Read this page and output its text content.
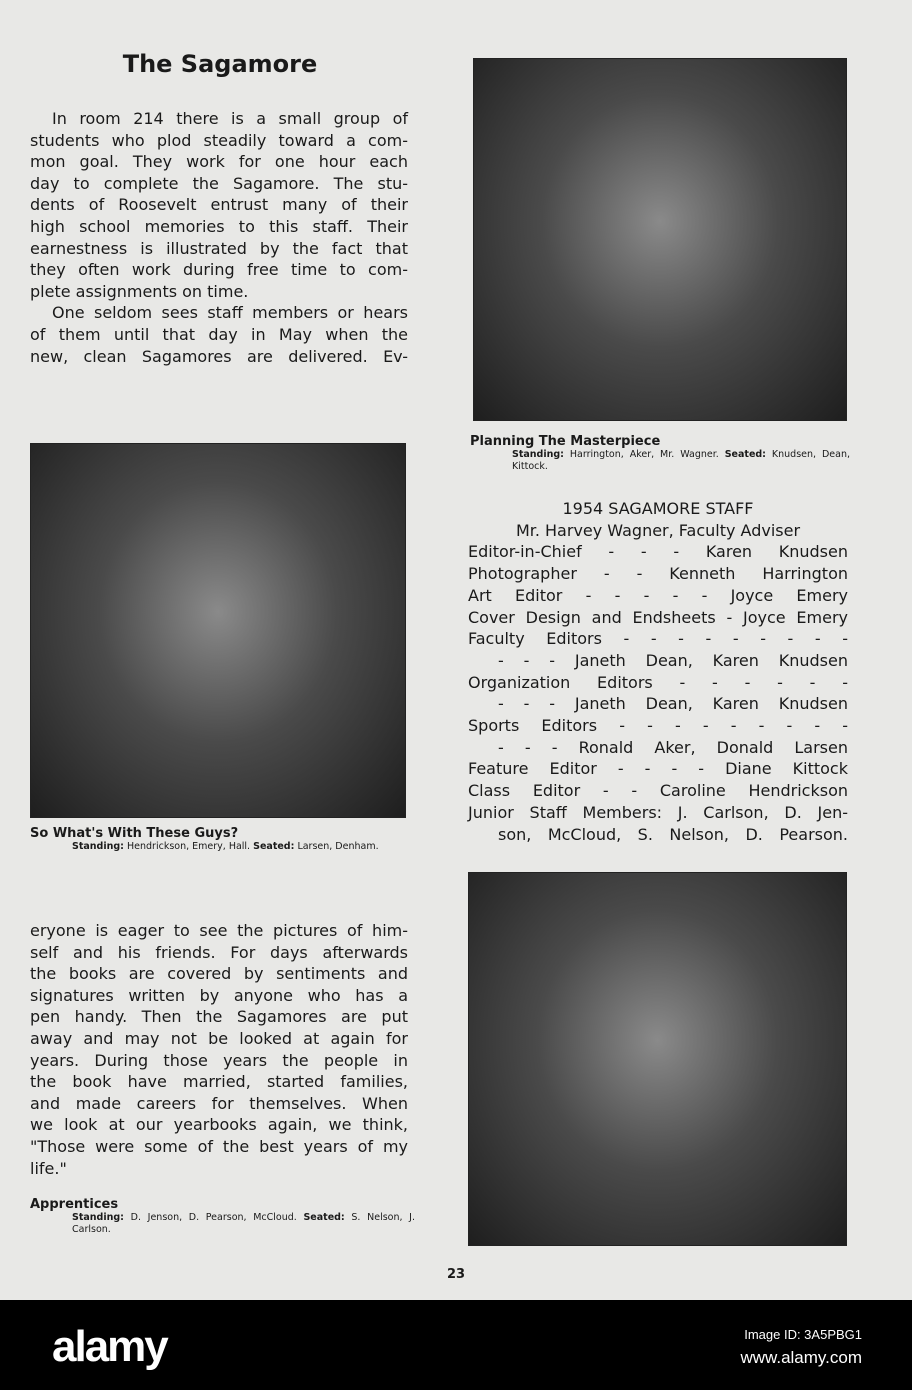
The Sagamore
In room 214 there is a small group of
students who plod steadily toward a com-
mon goal. They work for one hour each
day to complete the Sagamore. The stu-
dents of Roosevelt entrust many of their
high school memories to this staff. Their
earnestness is illustrated by the fact that
they often work during free time to com-
plete assignments on time.
One seldom sees staff members or hears
of them until that day in May when the
new, clean Sagamores are delivered. Ev-
Planning The Masterpiece
Standing: Harrington, Aker, Mr. Wagner. Seated: Knudsen, Dean, Kittock.
So What's With These Guys?
Standing: Hendrickson, Emery, Hall. Seated: Larsen, Denham.
1954 SAGAMORE STAFF
Mr. Harvey Wagner, Faculty Adviser
Editor-in-Chief - - - Karen Knudsen
Photographer - - Kenneth Harrington
Art Editor - - - - - Joyce Emery
Cover Design and Endsheets - Joyce Emery
Faculty Editors - - - - - - - - -
- - - Janeth Dean, Karen Knudsen
Organization Editors - - - - - -
- - - Janeth Dean, Karen Knudsen
Sports Editors - - - - - - - - -
- - - Ronald Aker, Donald Larsen
Feature Editor - - - - Diane Kittock
Class Editor - - Caroline Hendrickson
Junior Staff Members: J. Carlson, D. Jen-
son, McCloud, S. Nelson, D. Pearson.
eryone is eager to see the pictures of him-
self and his friends. For days afterwards
the books are covered by sentiments and
signatures written by anyone who has a
pen handy. Then the Sagamores are put
away and may not be looked at again for
years. During those years the people in
the book have married, started families,
and made careers for themselves. When
we look at our yearbooks again, we think,
"Those were some of the best years of my
life."
Apprentices
Standing: D. Jenson, D. Pearson, McCloud. Seated: S. Nelson, J. Carlson.
23
alamy	Image ID: 3A5PBG1
www.alamy.com
